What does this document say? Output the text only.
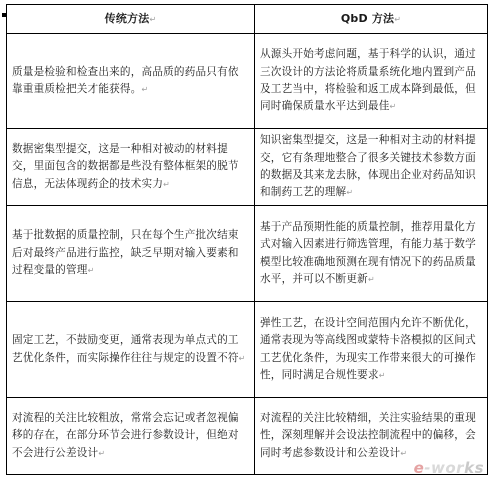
传统方法↵	QbD 方法↵
质量是检验和检查出来的，高品质的药品只有依靠重重质检把关才能获得。↵	从源头开始考虑问题，基于科学的认识，通过三次设计的方法论将质量系统化地内置到产品及工艺当中，将检验和返工成本降到最低，但同时确保质量水平达到最佳↵
数据密集型提交，这是一种相对被动的材料提交，里面包含的数据都是些没有整体框架的脱节信息，无法体现药企的技术实力↵	知识密集型提交，这是一种相对主动的材料提交，它有条理地整合了很多关键技术参数方面的数据及其来龙去脉，体现出企业对药品知识和制药工艺的理解↵
基于批数据的质量控制，只在每个生产批次结束后对最终产品进行监控，缺乏早期对输入要素和过程变量的管理↵	基于产品预期性能的质量控制，推荐用量化方式对输入因素进行筛选管理，有能力基于数学模型比较准确地预测在现有情况下的药品质量水平，并可以不断更新↵
固定工艺，不鼓励变更，通常表现为单点式的工艺优化条件，而实际操作往往与规定的设置不符↵	弹性工艺，在设计空间范围内允许不断优化，通常表现为等高线图或蒙特卡洛模拟的区间式工艺优化条件，为现实工作带来很大的可操作性，同时满足合规性要求↵
对流程的关注比较粗放，常常会忘记或者忽视偏移的存在，在部分环节会进行参数设计，但绝对不会进行公差设计↵	对流程的关注比较精细，关注实验结果的重现性，深刻理解并会设法控制流程中的偏移，会同时考虑参数设计和公差设计↵
e-works
